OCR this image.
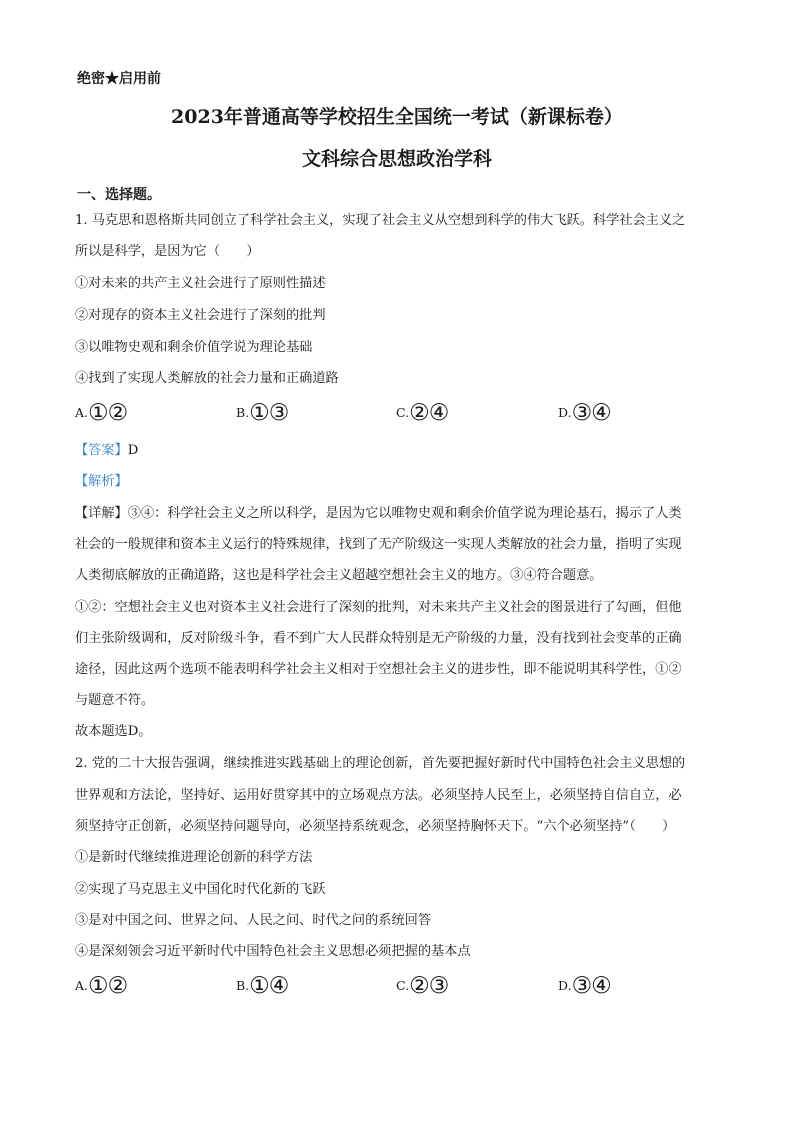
绝密★启用前
2023年普通高等学校招生全国统一考试（新课标卷）
文科综合思想政治学科
一、选择题。
1. 马克思和恩格斯共同创立了科学社会主义，实现了社会主义从空想到科学的伟大飞跃。科学社会主义之
所以是科学，是因为它（　　）
①对未来的共产主义社会进行了原则性描述
②对现存的资本主义社会进行了深刻的批判
③以唯物史观和剩余价值学说为理论基础
④找到了实现人类解放的社会力量和正确道路
A.①②	B.①③	C.②④	D.③④
【答案】D
【解析】
【详解】③④：科学社会主义之所以科学，是因为它以唯物史观和剩余价值学说为理论基石，揭示了人类
社会的一般规律和资本主义运行的特殊规律，找到了无产阶级这一实现人类解放的社会力量，指明了实现
人类彻底解放的正确道路，这也是科学社会主义超越空想社会主义的地方。③④符合题意。
①②：空想社会主义也对资本主义社会进行了深刻的批判，对未来共产主义社会的图景进行了勾画，但他
们主张阶级调和，反对阶级斗争，看不到广大人民群众特别是无产阶级的力量，没有找到社会变革的正确
途径，因此这两个选项不能表明科学社会主义相对于空想社会主义的进步性，即不能说明其科学性，①②
与题意不符。
故本题选D。
2. 党的二十大报告强调，继续推进实践基础上的理论创新，首先要把握好新时代中国特色社会主义思想的
世界观和方法论，坚持好、运用好贯穿其中的立场观点方法。必须坚持人民至上，必须坚持自信自立，必
须坚持守正创新，必须坚持问题导向，必须坚持系统观念，必须坚持胸怀天下。“六个必须坚持”（　　）
①是新时代继续推进理论创新的科学方法
②实现了马克思主义中国化时代化新的飞跃
③是对中国之问、世界之问、人民之问、时代之问的系统回答
④是深刻领会习近平新时代中国特色社会主义思想必须把握的基本点
A.①②	B.①④	C.②③	D.③④
